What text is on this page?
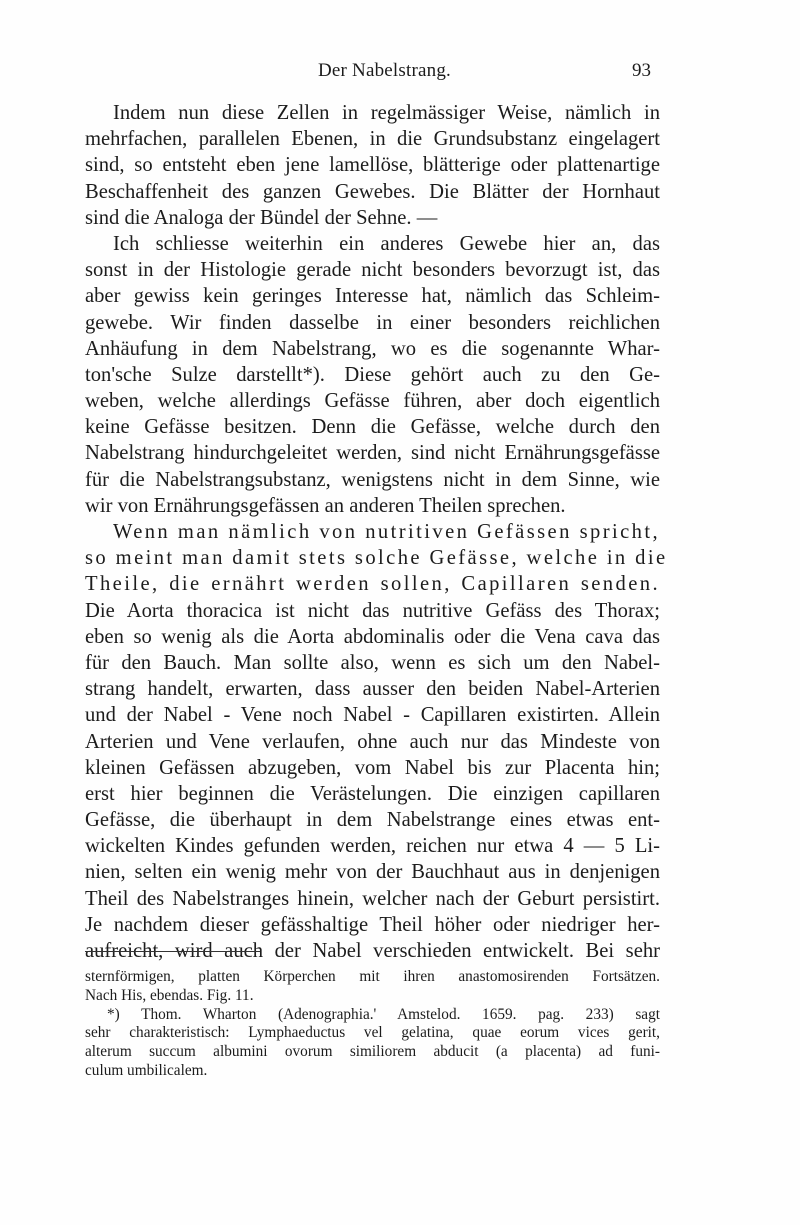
Der Nabelstrang.	93
Indem nun diese Zellen in regelmässiger Weise, nämlich in
mehrfachen, parallelen Ebenen, in die Grundsubstanz eingelagert
sind, so entsteht eben jene lamellöse, blätterige oder plattenartige
Beschaffenheit des ganzen Gewebes. Die Blätter der Hornhaut
sind die Analoga der Bündel der Sehne. —
Ich schliesse weiterhin ein anderes Gewebe hier an, das
sonst in der Histologie gerade nicht besonders bevorzugt ist, das
aber gewiss kein geringes Interesse hat, nämlich das Schleim-
gewebe. Wir finden dasselbe in einer besonders reichlichen
Anhäufung in dem Nabelstrang, wo es die sogenannte Whar-
ton'sche Sulze darstellt*). Diese gehört auch zu den Ge-
weben, welche allerdings Gefässe führen, aber doch eigentlich
keine Gefässe besitzen. Denn die Gefässe, welche durch den
Nabelstrang hindurchgeleitet werden, sind nicht Ernährungsgefässe
für die Nabelstrangsubstanz, wenigstens nicht in dem Sinne, wie
wir von Ernährungsgefässen an anderen Theilen sprechen.
Wenn man nämlich von nutritiven Gefässen spricht,
so meint man damit stets solche Gefässe, welche in die
Theile, die ernährt werden sollen, Capillaren senden.
Die Aorta thoracica ist nicht das nutritive Gefäss des Thorax;
eben so wenig als die Aorta abdominalis oder die Vena cava das
für den Bauch. Man sollte also, wenn es sich um den Nabel-
strang handelt, erwarten, dass ausser den beiden Nabel-Arterien
und der Nabel - Vene noch Nabel - Capillaren existirten. Allein
Arterien und Vene verlaufen, ohne auch nur das Mindeste von
kleinen Gefässen abzugeben, vom Nabel bis zur Placenta hin;
erst hier beginnen die Verästelungen. Die einzigen capillaren
Gefässe, die überhaupt in dem Nabelstrange eines etwas ent-
wickelten Kindes gefunden werden, reichen nur etwa 4 — 5 Li-
nien, selten ein wenig mehr von der Bauchhaut aus in denjenigen
Theil des Nabelstranges hinein, welcher nach der Geburt persistirt.
Je nachdem dieser gefässhaltige Theil höher oder niedriger her-
aufreicht, wird auch der Nabel verschieden entwickelt. Bei sehr
sternförmigen, platten Körperchen mit ihren anastomosirenden Fortsätzen.
Nach His, ebendas. Fig. 11.
*) Thom. Wharton (Adenographia.' Amstelod. 1659. pag. 233) sagt
sehr charakteristisch: Lymphaeductus vel gelatina, quae eorum vices gerit,
alterum succum albumini ovorum similiorem abducit (a placenta) ad funi-
culum umbilicalem.
